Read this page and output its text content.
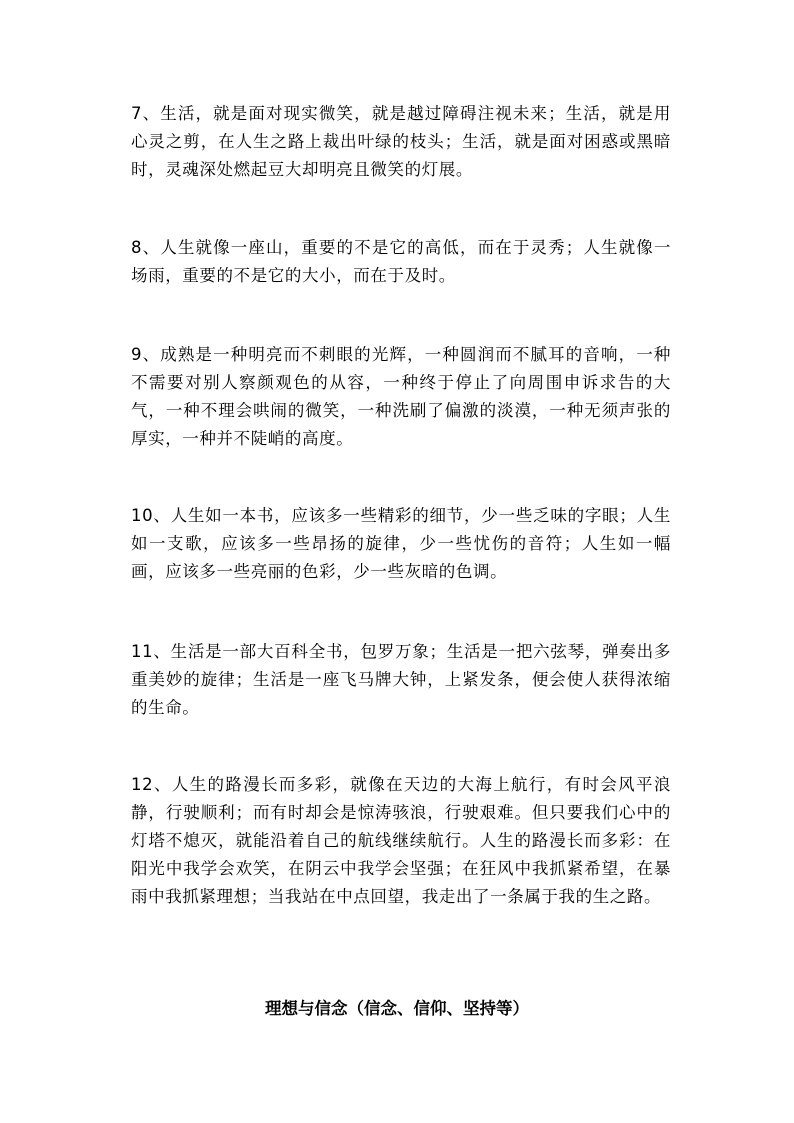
7、生活，就是面对现实微笑，就是越过障碍注视未来；生活，就是用心灵之剪，在人生之路上裁出叶绿的枝头；生活，就是面对困惑或黑暗时，灵魂深处燃起豆大却明亮且微笑的灯展。

8、人生就像一座山，重要的不是它的高低，而在于灵秀；人生就像一场雨，重要的不是它的大小，而在于及时。

9、成熟是一种明亮而不刺眼的光辉，一种圆润而不腻耳的音响，一种不需要对别人察颜观色的从容，一种终于停止了向周围申诉求告的大气，一种不理会哄闹的微笑，一种洗刷了偏激的淡漠，一种无须声张的厚实，一种并不陡峭的高度。

10、人生如一本书，应该多一些精彩的细节，少一些乏味的字眼；人生如一支歌，应该多一些昂扬的旋律，少一些忧伤的音符；人生如一幅画，应该多一些亮丽的色彩，少一些灰暗的色调。

11、生活是一部大百科全书，包罗万象；生活是一把六弦琴，弹奏出多重美妙的旋律；生活是一座飞马牌大钟，上紧发条，便会使人获得浓缩的生命。

12、人生的路漫长而多彩，就像在天边的大海上航行，有时会风平浪静，行驶顺利；而有时却会是惊涛骇浪，行驶艰难。但只要我们心中的灯塔不熄灭，就能沿着自己的航线继续航行。人生的路漫长而多彩：在阳光中我学会欢笑，在阴云中我学会坚强；在狂风中我抓紧希望，在暴雨中我抓紧理想；当我站在中点回望，我走出了一条属于我的生之路。

理想与信念（信念、信仰、坚持等）
